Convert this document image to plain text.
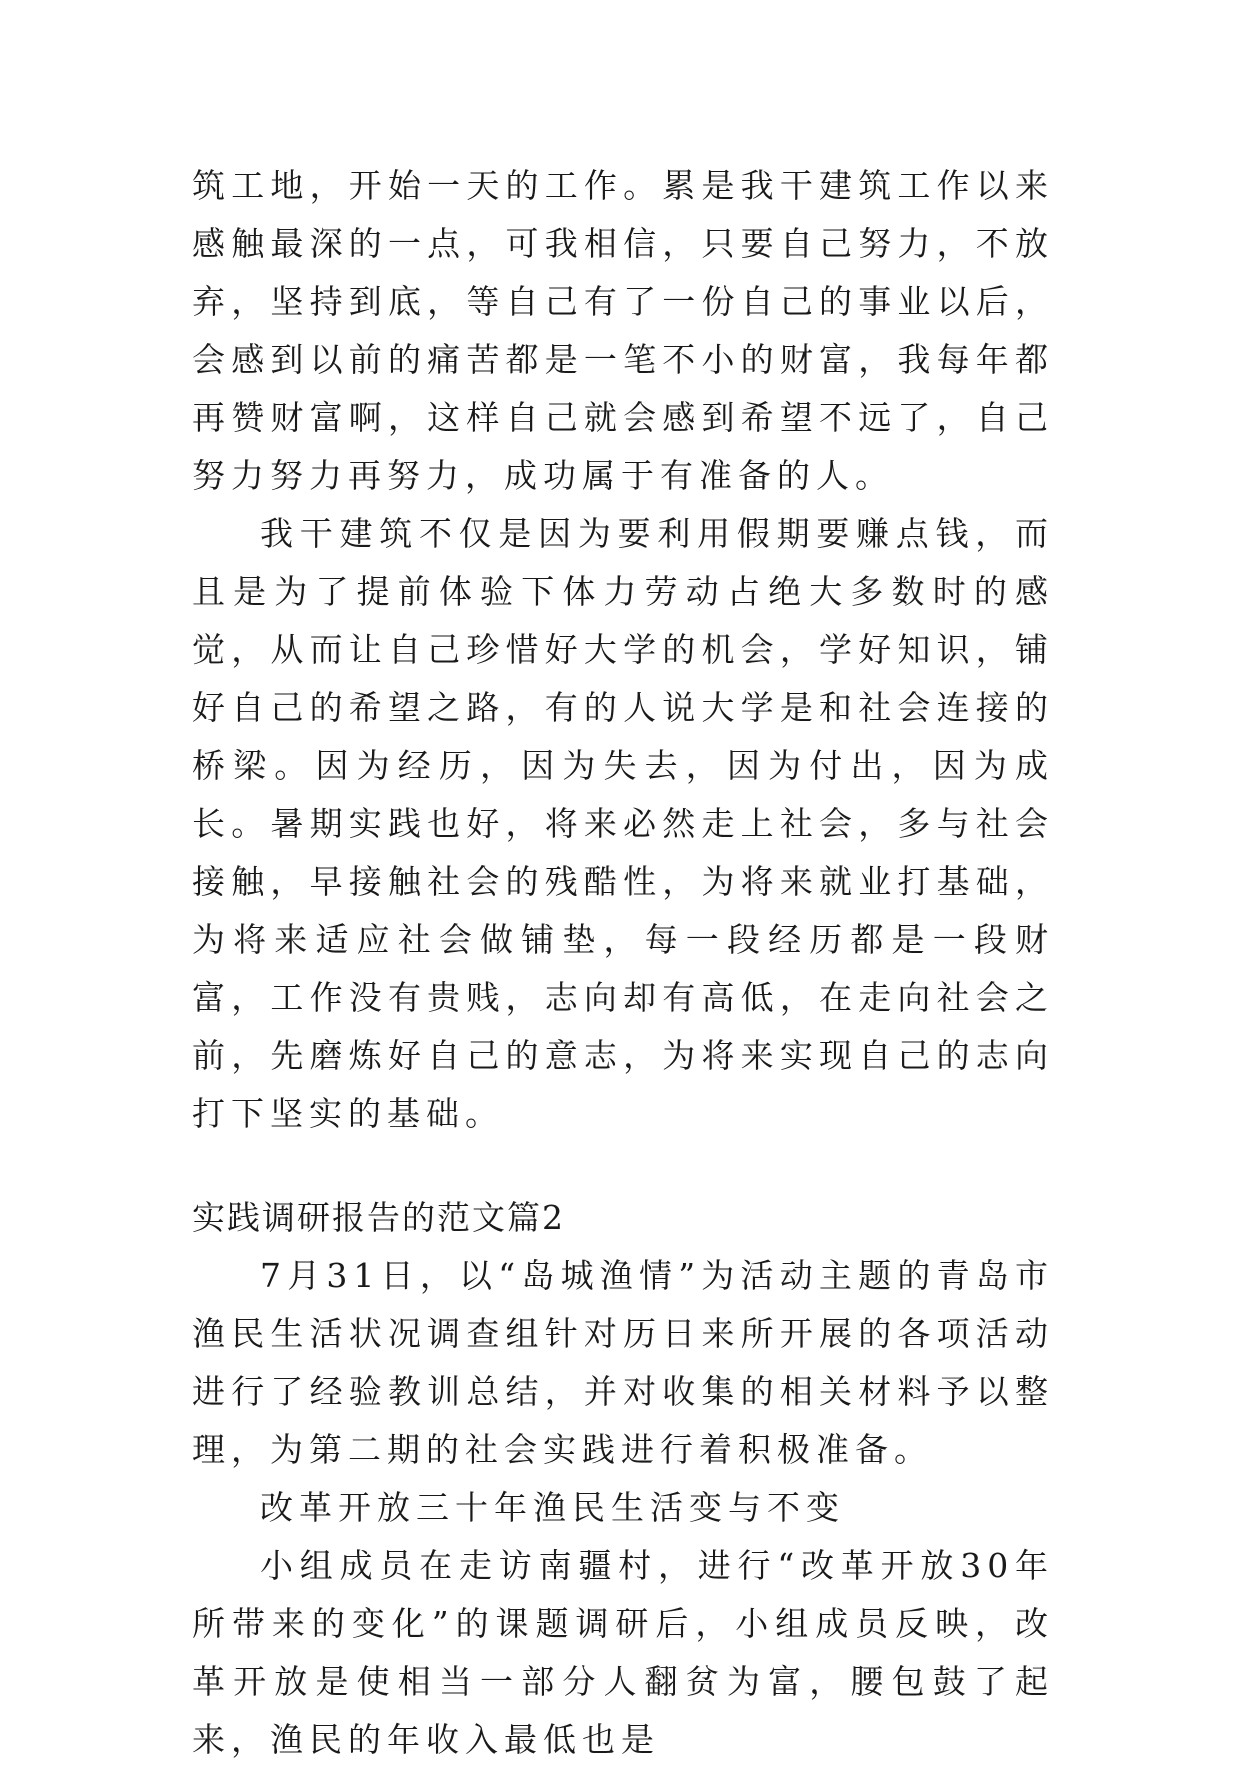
筑工地，开始一天的工作。累是我干建筑工作以来感触最深的一点，可我相信，只要自己努力，不放弃，坚持到底，等自己有了一份自己的事业以后，会感到以前的痛苦都是一笔不小的财富，我每年都再赞财富啊，这样自己就会感到希望不远了，自己努力努力再努力，成功属于有准备的人。

我干建筑不仅是因为要利用假期要赚点钱，而且是为了提前体验下体力劳动占绝大多数时的感觉，从而让自己珍惜好大学的机会，学好知识，铺好自己的希望之路，有的人说大学是和社会连接的桥梁。因为经历，因为失去，因为付出，因为成长。暑期实践也好，将来必然走上社会，多与社会接触，早接触社会的残酷性，为将来就业打基础，为将来适应社会做铺垫，每一段经历都是一段财富，工作没有贵贱，志向却有高低，在走向社会之前，先磨炼好自己的意志，为将来实现自己的志向打下坚实的基础。

实践调研报告的范文篇2

7月31日，以“岛城渔情”为活动主题的青岛市渔民生活状况调查组针对历日来所开展的各项活动进行了经验教训总结，并对收集的相关材料予以整理，为第二期的社会实践进行着积极准备。

改革开放三十年渔民生活变与不变

小组成员在走访南疆村，进行“改革开放30年所带来的变化”的课题调研后，小组成员反映，改革开放是使相当一部分人翻贫为富，腰包鼓了起来，渔民的年收入最低也是
